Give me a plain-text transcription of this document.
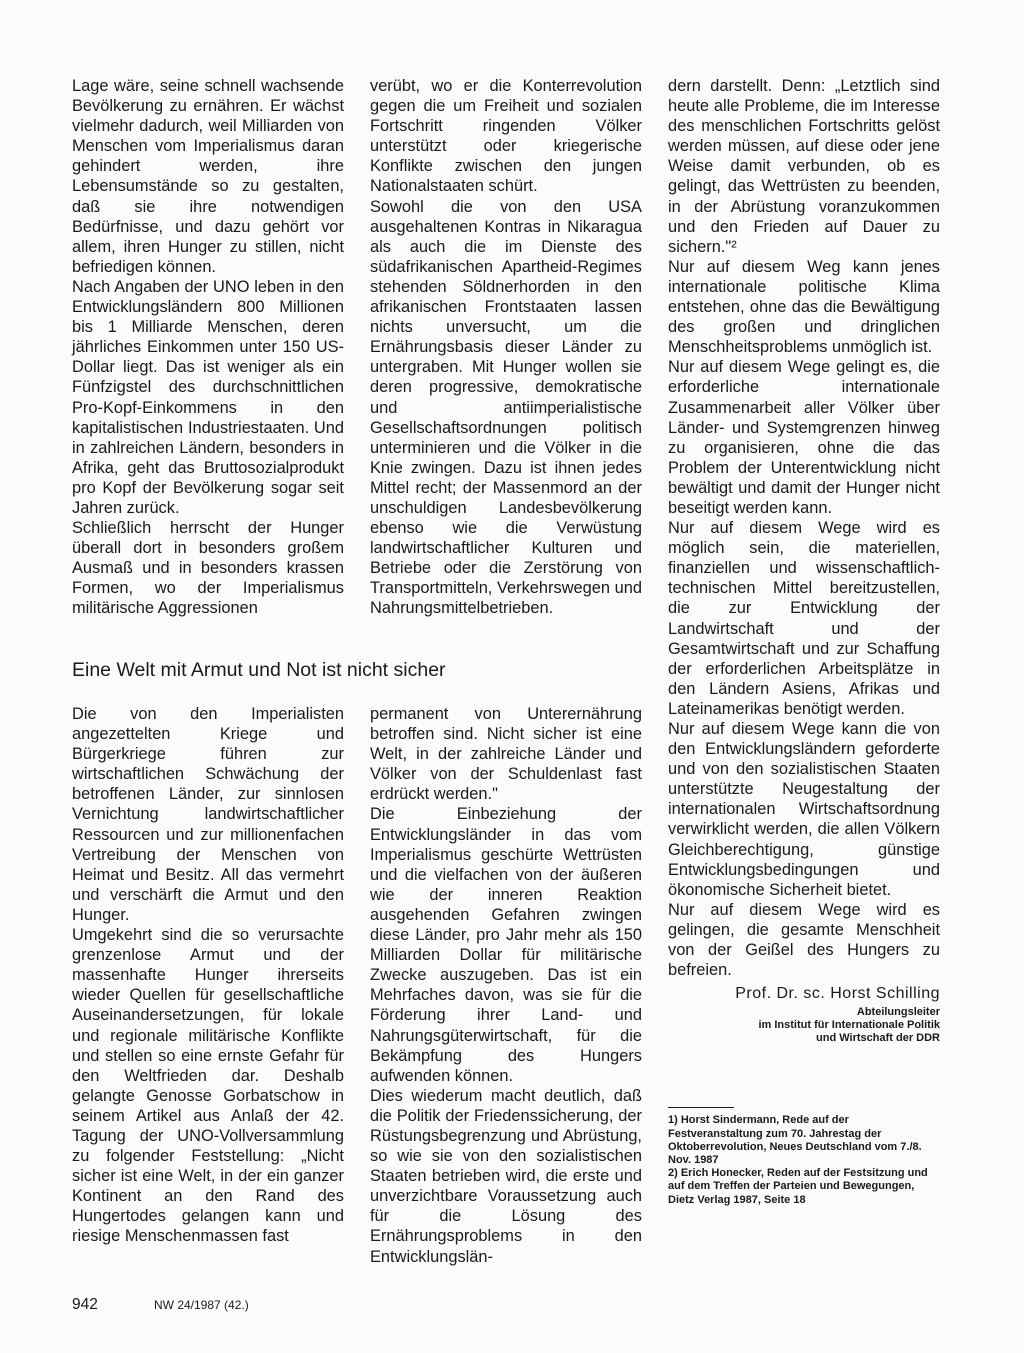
Lage wäre, seine schnell wachsende Bevölkerung zu ernähren. Er wächst vielmehr dadurch, weil Milliarden von Menschen vom Imperialismus daran gehindert werden, ihre Lebensumstände so zu gestalten, daß sie ihre notwendigen Bedürfnisse, und dazu gehört vor allem, ihren Hunger zu stillen, nicht befriedigen können.

Nach Angaben der UNO leben in den Entwicklungsländern 800 Millionen bis 1 Milliarde Menschen, deren jährliches Einkommen unter 150 US-Dollar liegt. Das ist weniger als ein Fünfzigstel des durchschnittlichen Pro-Kopf-Einkommens in den kapitalistischen Industriestaaten. Und in zahlreichen Ländern, besonders in Afrika, geht das Bruttosozialprodukt pro Kopf der Bevölkerung sogar seit Jahren zurück.

Schließlich herrscht der Hunger überall dort in besonders großem Ausmaß und in besonders krassen Formen, wo der Imperialismus militärische Aggressionen

verübt, wo er die Konterrevolution gegen die um Freiheit und sozialen Fortschritt ringenden Völker unterstützt oder kriegerische Konflikte zwischen den jungen Nationalstaaten schürt.

Sowohl die von den USA ausgehaltenen Kontras in Nikaragua als auch die im Dienste des südafrikanischen Apartheid-Regimes stehenden Söldnerhorden in den afrikanischen Frontstaaten lassen nichts unversucht, um die Ernährungsbasis dieser Länder zu untergraben. Mit Hunger wollen sie deren progressive, demokratische und antiimperialistische Gesellschaftsordnungen politisch unterminieren und die Völker in die Knie zwingen. Dazu ist ihnen jedes Mittel recht; der Massenmord an der unschuldigen Landesbevölkerung ebenso wie die Verwüstung landwirtschaftlicher Kulturen und Betriebe oder die Zerstörung von Transportmitteln, Verkehrswegen und Nahrungsmittelbetrieben.

Eine Welt mit Armut und Not ist nicht sicher

Die von den Imperialisten angezettelten Kriege und Bürgerkriege führen zur wirtschaftlichen Schwächung der betroffenen Länder, zur sinnlosen Vernichtung landwirtschaftlicher Ressourcen und zur millionenfachen Vertreibung der Menschen von Heimat und Besitz. All das vermehrt und verschärft die Armut und den Hunger.

Umgekehrt sind die so verursachte grenzenlose Armut und der massenhafte Hunger ihrerseits wieder Quellen für gesellschaftliche Auseinandersetzungen, für lokale und regionale militärische Konflikte und stellen so eine ernste Gefahr für den Weltfrieden dar. Deshalb gelangte Genosse Gorbatschow in seinem Artikel aus Anlaß der 42. Tagung der UNO-Vollversammlung zu folgender Feststellung: „Nicht sicher ist eine Welt, in der ein ganzer Kontinent an den Rand des Hungertodes gelangen kann und riesige Menschenmassen fast

permanent von Unterernährung betroffen sind. Nicht sicher ist eine Welt, in der zahlreiche Länder und Völker von der Schuldenlast fast erdrückt werden."

Die Einbeziehung der Entwicklungsländer in das vom Imperialismus geschürte Wettrüsten und die vielfachen von der äußeren wie der inneren Reaktion ausgehenden Gefahren zwingen diese Länder, pro Jahr mehr als 150 Milliarden Dollar für militärische Zwecke auszugeben. Das ist ein Mehrfaches davon, was sie für die Förderung ihrer Land- und Nahrungsgüterwirtschaft, für die Bekämpfung des Hungers aufwenden können.

Dies wiederum macht deutlich, daß die Politik der Friedenssicherung, der Rüstungsbegrenzung und Abrüstung, so wie sie von den sozialistischen Staaten betrieben wird, die erste und unverzichtbare Voraussetzung auch für die Lösung des Ernährungsproblems in den Entwicklungslän-

dern darstellt. Denn: „Letztlich sind heute alle Probleme, die im Interesse des menschlichen Fortschritts gelöst werden müssen, auf diese oder jene Weise damit verbunden, ob es gelingt, das Wettrüsten zu beenden, in der Abrüstung voranzukommen und den Frieden auf Dauer zu sichern."²

Nur auf diesem Weg kann jenes internationale politische Klima entstehen, ohne das die Bewältigung des großen und dringlichen Menschheitsproblems unmöglich ist.

Nur auf diesem Wege gelingt es, die erforderliche internationale Zusammenarbeit aller Völker über Länder- und Systemgrenzen hinweg zu organisieren, ohne die das Problem der Unterentwicklung nicht bewältigt und damit der Hunger nicht beseitigt werden kann.

Nur auf diesem Wege wird es möglich sein, die materiellen, finanziellen und wissenschaftlich-technischen Mittel bereitzustellen, die zur Entwicklung der Landwirtschaft und der Gesamtwirtschaft und zur Schaffung der erforderlichen Arbeitsplätze in den Ländern Asiens, Afrikas und Lateinamerikas benötigt werden.

Nur auf diesem Wege kann die von den Entwicklungsländern geforderte und von den sozialistischen Staaten unterstützte Neugestaltung der internationalen Wirtschaftsordnung verwirklicht werden, die allen Völkern Gleichberechtigung, günstige Entwicklungsbedingungen und ökonomische Sicherheit bietet.

Nur auf diesem Wege wird es gelingen, die gesamte Menschheit von der Geißel des Hungers zu befreien.

Prof. Dr. sc. Horst Schilling
Abteilungsleiter
im Institut für Internationale Politik
und Wirtschaft der DDR

1) Horst Sindermann, Rede auf der Festveranstaltung zum 70. Jahrestag der Oktoberrevolution, Neues Deutschland vom 7./8. Nov. 1987

2) Erich Honecker, Reden auf der Festsitzung und auf dem Treffen der Parteien und Bewegungen, Dietz Verlag 1987, Seite 18

942	NW 24/1987 (42.)
